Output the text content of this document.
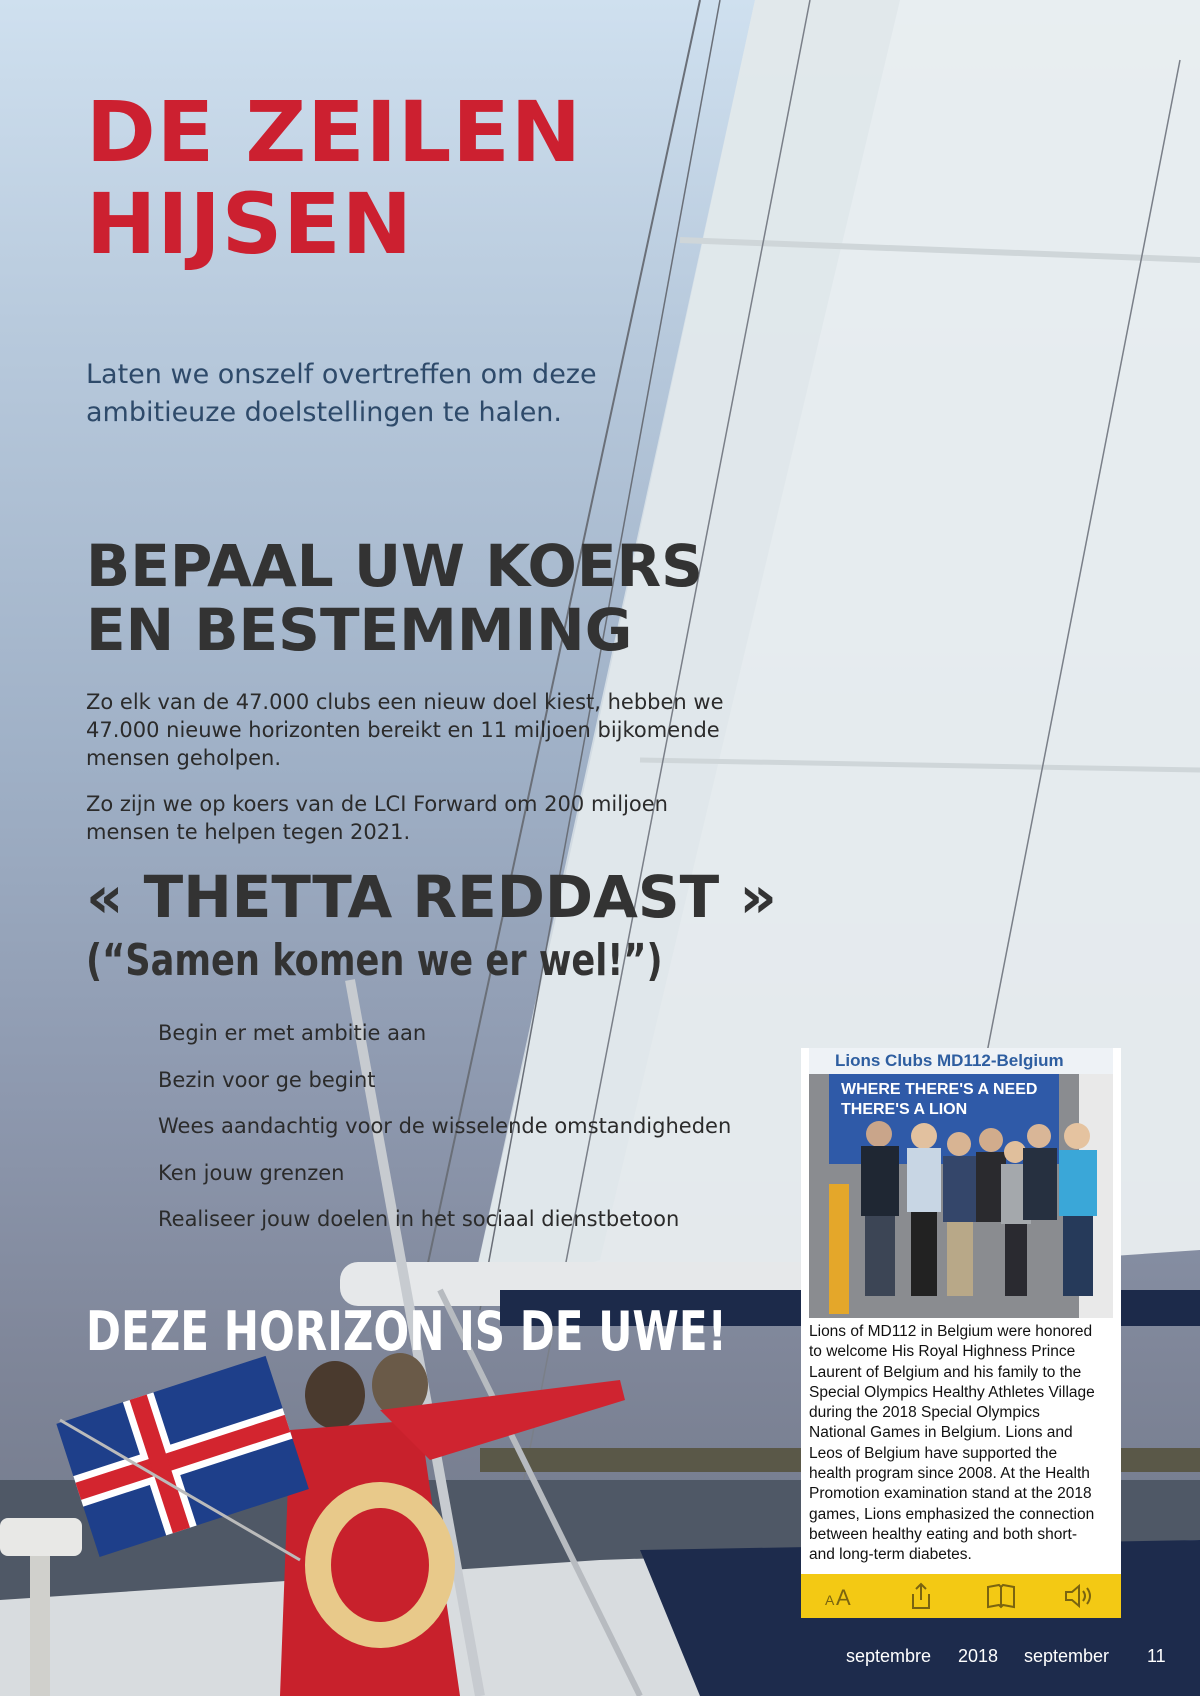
DE ZEILEN
HIJSEN
Laten we onszelf overtreffen om deze
ambitieuze doelstellingen te halen.
BEPAAL UW KOERS
EN BESTEMMING
Zo elk van de 47.000 clubs een nieuw doel kiest, hebben we
47.000 nieuwe horizonten bereikt en 11 miljoen bijkomende
mensen geholpen.
Zo zijn we op koers van de LCI Forward om 200 miljoen
mensen te helpen tegen 2021.
« THETTA REDDAST »
(“Samen komen we er wel!”)
Begin er met ambitie aan
Bezin voor ge begint
Wees aandachtig voor de wisselende omstandigheden
Ken jouw grenzen
Realiseer jouw doelen in het sociaal dienstbetoon
DEZE HORIZON IS DE UWE!
Lions Clubs MD112-Belgium
WHERE THERE'S A NEED
THERE'S A LION
Lions of MD112 in Belgium were honored
to welcome His Royal Highness Prince
Laurent of Belgium and his family to the
Special Olympics Healthy Athletes Village
during the 2018 Special Olympics
National Games in Belgium. Lions and
Leos of Belgium have supported the
health program since 2008. At the Health
Promotion examination stand at the 2018
games, Lions emphasized the connection
between healthy eating and both short-
and long-term diabetes.
A A
septembre 2018 september 11
